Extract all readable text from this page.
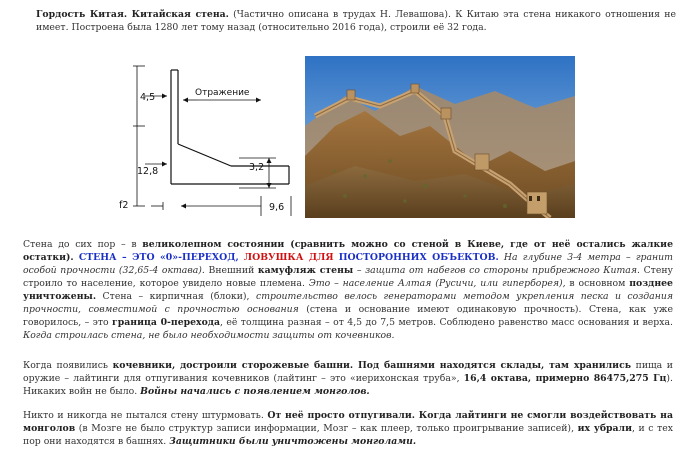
Гордость Китая. Китайская стена. (Частично описана в трудах Н. Левашова). К Китаю эта стена никакого отношения не имеет. Построена была 1280 лет тому назад (относительно 2016 года), строили её 32 года.

4,5	Отражение
12,8	3,2
f2	9,6

Стена до сих пор – в великолепном состоянии (сравнить можно со стеной в Киеве, где от неё остались жалкие остатки). СТЕНА – ЭТО «0»-ПЕРЕХОД, ЛОВУШКА ДЛЯ ПОСТОРОННИХ ОБЪЕКТОВ. На глубине 3-4 метра – гранит особой прочности (32,65-4 октава). Внешний камуфляж стены – защита от набегов со стороны прибрежного Китая. Стену строило то население, которое увидело новые племена. Это – население Алтая (Русичи, или гиперборея), в основном позднее уничтожены. Стена – кирпичная (блоки), строительство велось генераторами методом укрепления песка и создания прочности, совместимой с прочностью основания (стена и основание имеют одинаковую прочность). Стена, как уже говорилось, – это граница 0-перехода, её толщина разная – от 4,5 до 7,5 метров. Соблюдено равенство масс основания и верха. Когда строилась стена, не было необходимости защиты от кочевников.

Когда появились кочевники, достроили сторожевые башни. Под башнями находятся склады, там хранились пища и оружие – лайтинги для отпугивания кочевников (лайтинг – это «иерихонская труба», 16,4 октава, примерно 86475,275 Гц). Никаких войн не было. Войны начались с появлением монголов.

Никто и никогда не пытался стену штурмовать. От неё просто отпугивали. Когда лайтинги не смогли воздействовать на монголов (в Мозге не было структур записи информации, Мозг – как плеер, только проигрывание записей), их убрали, и с тех пор они находятся в башнях. Защитники были уничтожены монголами.
